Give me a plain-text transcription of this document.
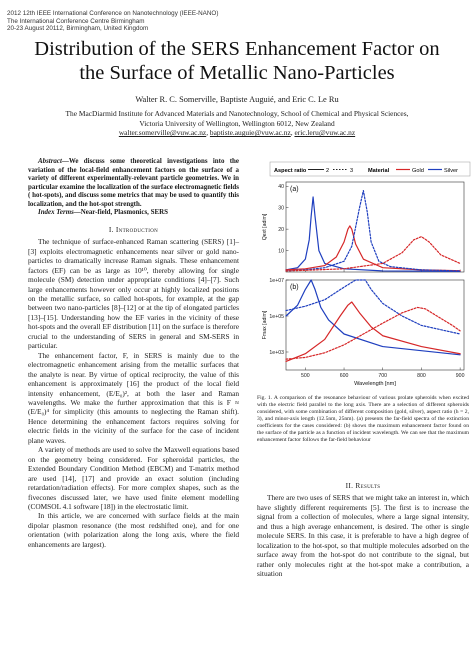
2012 12th IEEE International Conference on Nanotechnology (IEEE-NANO)
The International Conference Centre Birmingham
20-23 August 20112, Birmingham, United Kingdom
Distribution of the SERS Enhancement Factor on
the Surface of Metallic Nano-Particles
Walter R. C. Somerville, Baptiste Auguié, and Eric C. Le Ru
The MacDiarmid Institute for Advanced Materials and Nanotechnology, School of Chemical and Physical Sciences,
Victoria University of Wellington, Wellington 6012, New Zealand
walter.somerville@vuw.ac.nz, baptiste.auguie@vuw.ac.nz, eric.leru@vuw.ac.nz

Abstract—We discuss some theoretical investigations into the variation of the local-field enhancement factors on the surface of a variety of different experimentally-relevant particle geometries. We in particular examine the localization of the surface electromagnetic fields ( hot-spots), and discuss some metrics that may be used to quantify this localization, and the hot-spot strength.

Index Terms—Near-field, Plasmonics, SERS

I. Introduction

The technique of surface-enhanced Raman scattering (SERS) [1]–[3] exploits electromagnetic enhancements near silver or gold nano-particles to dramatically increase Raman signals. These enhancement factors (EF) can be as large as 10¹⁰, thereby allowing for single molecule (SM) detection under appropriate conditions [4]–[7]. Such large enhancements however only occur at highly localized positions on the metallic surface, so called hot-spots, for example, at the gap between two nano-particles [8]–[12] or at the tip of elongated particles [13]–[15]. Understanding how the EF varies in the vicinity of these hot-spots and the overall EF distribution [11] on the surface is therefore crucial to the understanding of SERS in general and SM-SERS in particular.

The enhancement factor, F, in SERS is mainly due to the electromagnetic enhancement arising from the metallic surfaces that the analyte is near. By virtue of optical reciprocity, the value of this enhancement is approximately [16] the product of the local field intensity enhancement, (E/E₀)², at both the laser and Raman wavelengths. We make the further approximation that this is F ≈ (E/E₀)⁴ for simplicity (this amounts to neglecting the Raman shift). Hence determining the enhancement factors requires solving for electric fields in the vicinity of the surface for the case of incident plane waves.

A variety of methods are used to solve the Maxwell equations based on the geometry being considered. For spheroidal particles, the Extended Boundary Condition Method (EBCM) and T-matrix method are used [14], [17] and provide an exact solution (including retardation/radiation effects). For more complex shapes, such as the fivecones discussed later, we have used finite element modelling (COMSOL 4.1 software [18]) in the electrostatic limit.

In this article, we are concerned with surface fields at the main dipolar plasmon resonance (the most redshifted one), and for one orientation (with polarization along the long axis, where the field enhancements are largest).

Aspect ratio	2	3	Material	Gold	Silver
10
20
30
40 (a)
Qext [adim]
1e+03
1e+05
1e+07
(b)
Fmax [adim]
500	600	700	800	900
Wavelength [nm]
Fig. 1. A comparison of the resonance behaviour of various prolate spheroids when excited with the electric field parallel to the long axis. There are a selection of different spheroids considered, with some combination of different composition (gold, silver), aspect ratio (h = 2, 3), and minor-axis length (12.5nm, 25nm). (a) presents the far-field spectra of the extinction coefficients for the cases considered: (b) shows the maximum enhancement factor found on the surface of the particle as a function of incident wavelength. We can see that the maximum enhancement factor follows the far-field behaviour
II. Results

There are two uses of SERS that we might take an interest in, which have slightly different requirements [5]. The first is to increase the signal from a collection of molecules, where a large signal intensity, and thus a high average enhancement, is desired. The other is single molecule SERS. In this case, it is preferable to have a high degree of localization to the hot-spot, so that multiple molecules adsorbed on the surface away from the hot-spot do not contribute to the signal, but rather only molecules right at the hot-spot make a contribution, a situation
